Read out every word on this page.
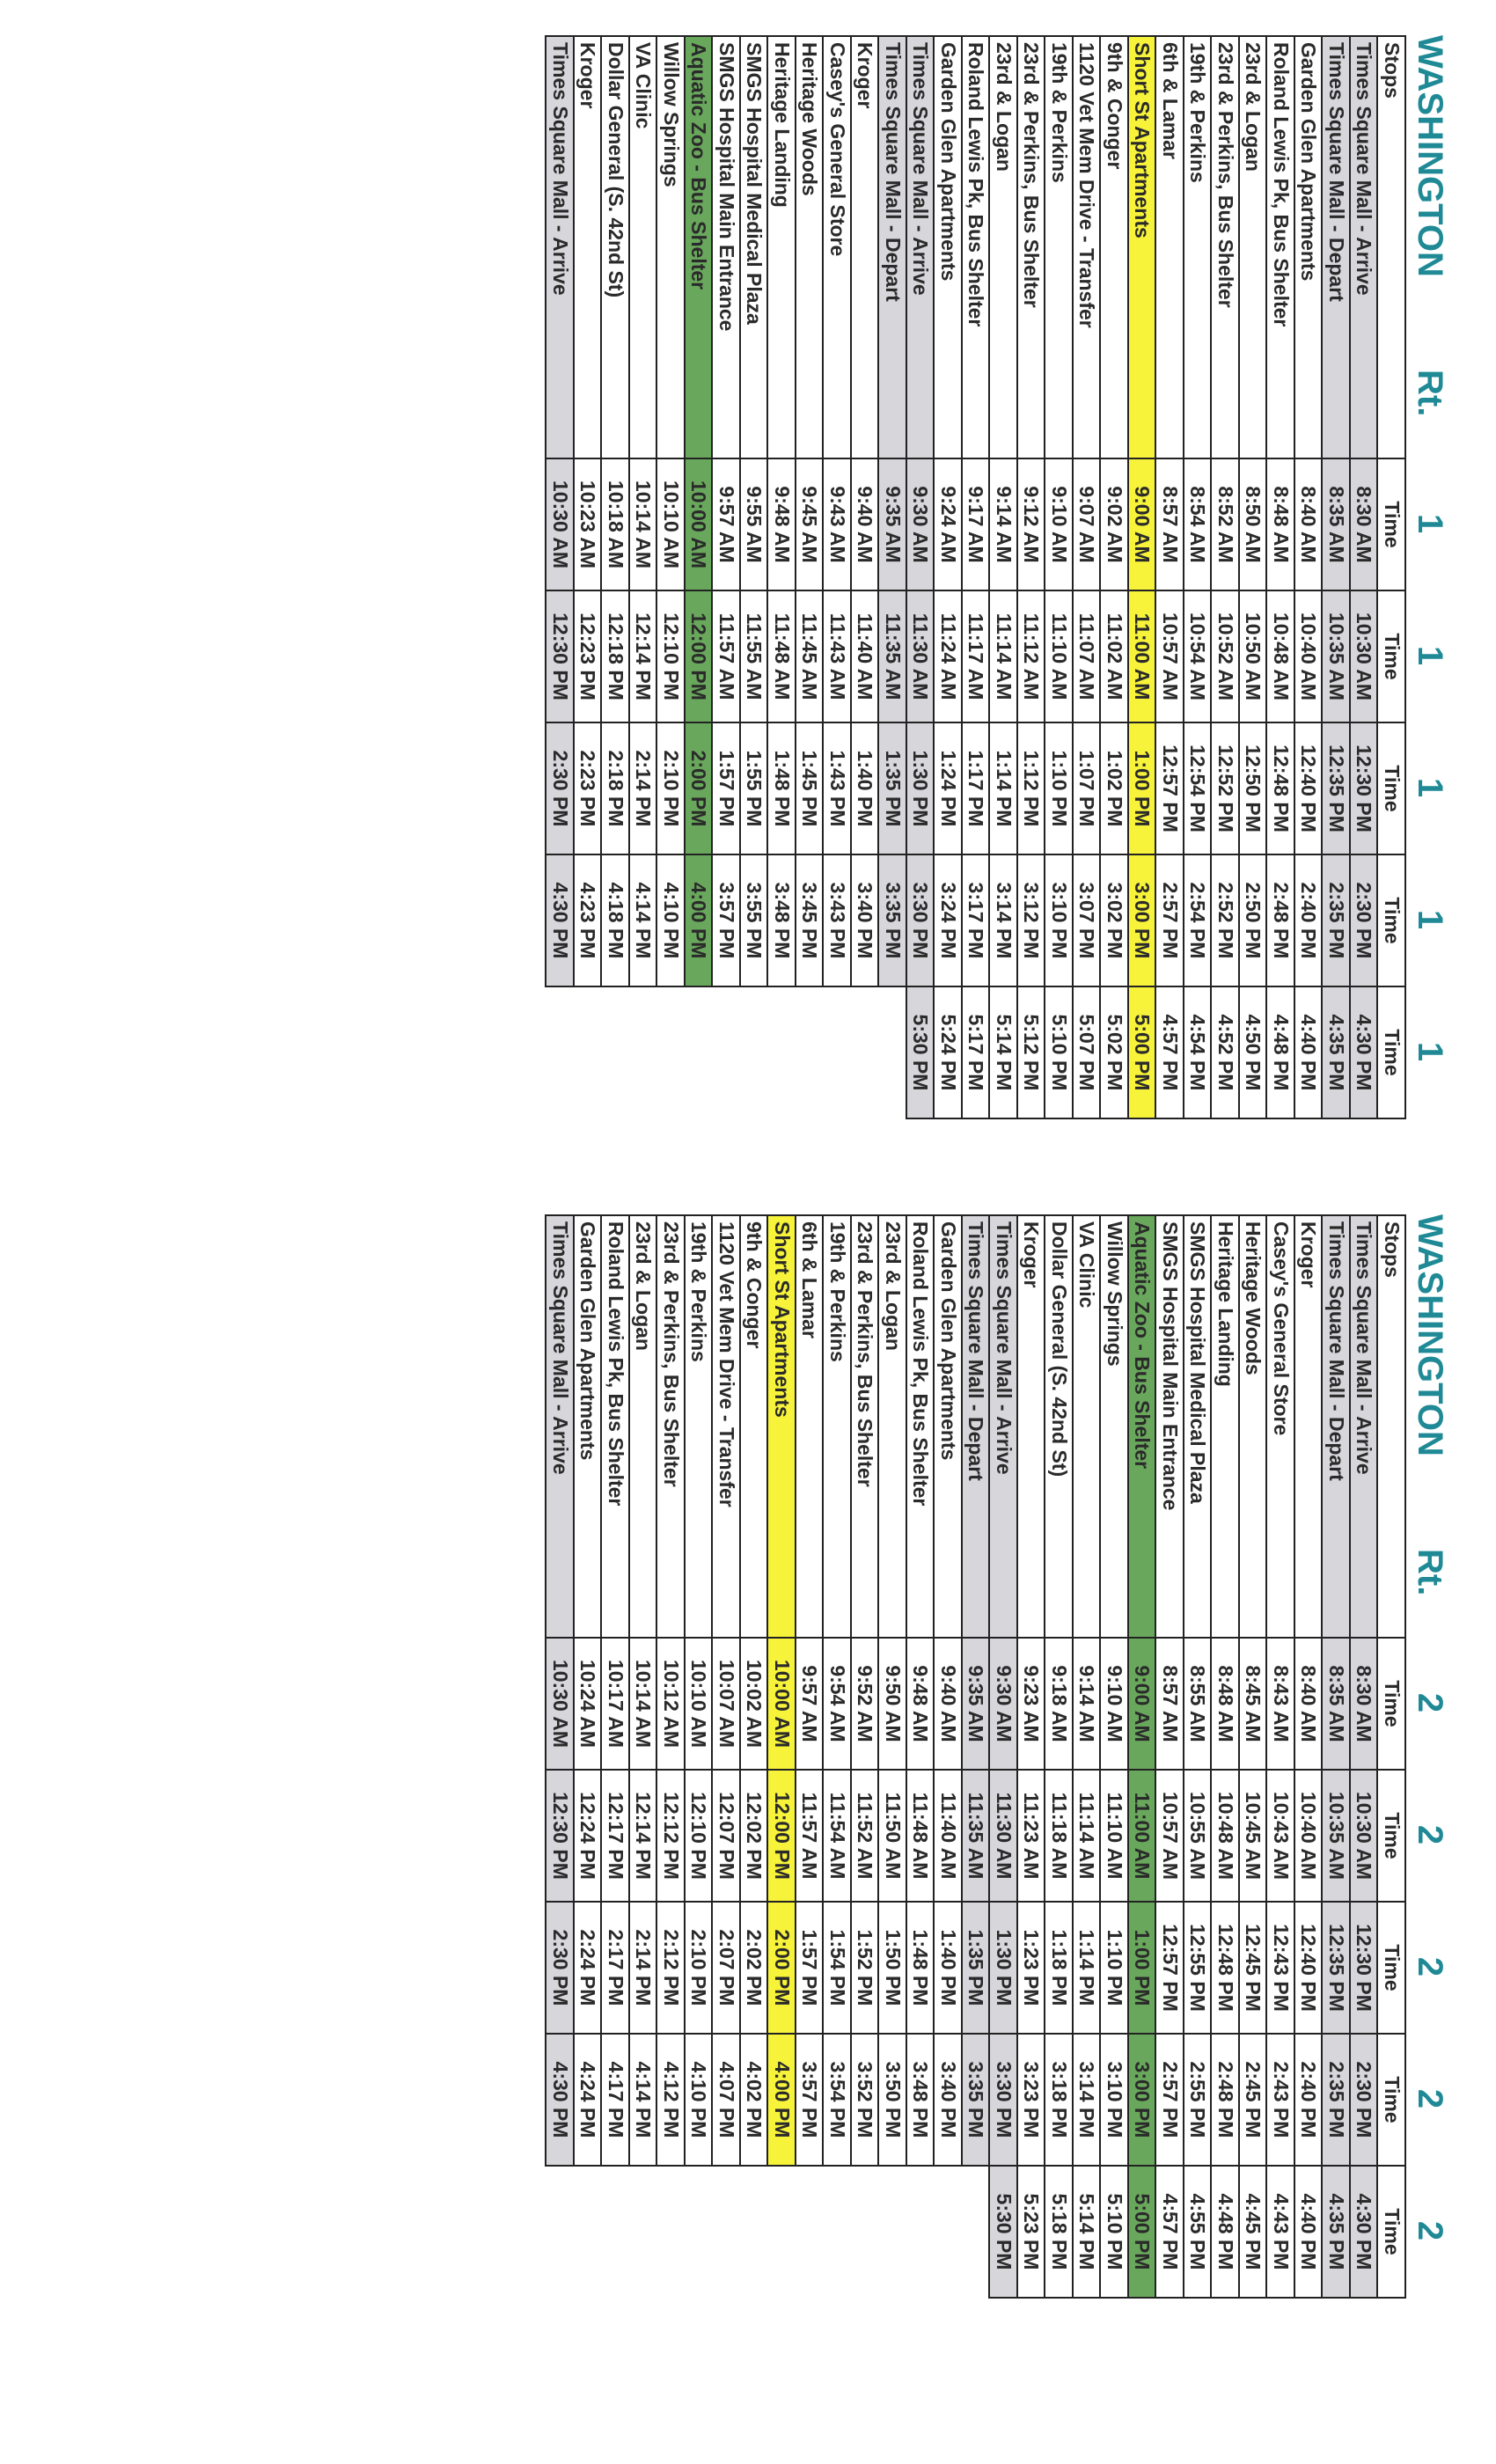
WASHINGTON
Rt.
1
1
1
1
1
Stops	Time	Time	Time	Time	Time
Times Square Mall - Arrive	8:30 AM	10:30 AM	12:30 PM	2:30 PM	4:30 PM
Times Square Mall - Depart	8:35 AM	10:35 AM	12:35 PM	2:35 PM	4:35 PM
Garden Glen Apartments	8:40 AM	10:40 AM	12:40 PM	2:40 PM	4:40 PM
Roland Lewis Pk, Bus Shelter	8:48 AM	10:48 AM	12:48 PM	2:48 PM	4:48 PM
23rd & Logan	8:50 AM	10:50 AM	12:50 PM	2:50 PM	4:50 PM
23rd & Perkins, Bus Shelter	8:52 AM	10:52 AM	12:52 PM	2:52 PM	4:52 PM
19th & Perkins	8:54 AM	10:54 AM	12:54 PM	2:54 PM	4:54 PM
6th & Lamar	8:57 AM	10:57 AM	12:57 PM	2:57 PM	4:57 PM
Short St Apartments	9:00 AM	11:00 AM	1:00 PM	3:00 PM	5:00 PM
9th & Conger	9:02 AM	11:02 AM	1:02 PM	3:02 PM	5:02 PM
1120 Vet Mem Drive - Transfer	9:07 AM	11:07 AM	1:07 PM	3:07 PM	5:07 PM
19th & Perkins	9:10 AM	11:10 AM	1:10 PM	3:10 PM	5:10 PM
23rd & Perkins, Bus Shelter	9:12 AM	11:12 AM	1:12 PM	3:12 PM	5:12 PM
23rd & Logan	9:14 AM	11:14 AM	1:14 PM	3:14 PM	5:14 PM
Roland Lewis Pk, Bus Shelter	9:17 AM	11:17 AM	1:17 PM	3:17 PM	5:17 PM
Garden Glen Apartments	9:24 AM	11:24 AM	1:24 PM	3:24 PM	5:24 PM
Times Square Mall - Arrive	9:30 AM	11:30 AM	1:30 PM	3:30 PM	5:30 PM
Times Square Mall - Depart	9:35 AM	11:35 AM	1:35 PM	3:35 PM	
Kroger	9:40 AM	11:40 AM	1:40 PM	3:40 PM	
Casey's General Store	9:43 AM	11:43 AM	1:43 PM	3:43 PM	
Heritage Woods	9:45 AM	11:45 AM	1:45 PM	3:45 PM	
Heritage Landing	9:48 AM	11:48 AM	1:48 PM	3:48 PM	
SMGS Hospital Medical Plaza	9:55 AM	11:55 AM	1:55 PM	3:55 PM	
SMGS Hospital Main Entrance	9:57 AM	11:57 AM	1:57 PM	3:57 PM	
Aquatic Zoo - Bus Shelter	10:00 AM	12:00 PM	2:00 PM	4:00 PM	
Willow Springs	10:10 AM	12:10 PM	2:10 PM	4:10 PM	
VA Clinic	10:14 AM	12:14 PM	2:14 PM	4:14 PM	
Dollar General (S. 42nd St)	10:18 AM	12:18 PM	2:18 PM	4:18 PM	
Kroger	10:23 AM	12:23 PM	2:23 PM	4:23 PM	
Times Square Mall - Arrive	10:30 AM	12:30 PM	2:30 PM	4:30 PM	
WASHINGTON
Rt.
2
2
2
2
2
Stops	Time	Time	Time	Time	Time
Times Square Mall - Arrive	8:30 AM	10:30 AM	12:30 PM	2:30 PM	4:30 PM
Times Square Mall - Depart	8:35 AM	10:35 AM	12:35 PM	2:35 PM	4:35 PM
Kroger	8:40 AM	10:40 AM	12:40 PM	2:40 PM	4:40 PM
Casey's General Store	8:43 AM	10:43 AM	12:43 PM	2:43 PM	4:43 PM
Heritage Woods	8:45 AM	10:45 AM	12:45 PM	2:45 PM	4:45 PM
Heritage Landing	8:48 AM	10:48 AM	12:48 PM	2:48 PM	4:48 PM
SMGS Hospital Medical Plaza	8:55 AM	10:55 AM	12:55 PM	2:55 PM	4:55 PM
SMGS Hospital Main Entrance	8:57 AM	10:57 AM	12:57 PM	2:57 PM	4:57 PM
Aquatic Zoo - Bus Shelter	9:00 AM	11:00 AM	1:00 PM	3:00 PM	5:00 PM
Willow Springs	9:10 AM	11:10 AM	1:10 PM	3:10 PM	5:10 PM
VA Clinic	9:14 AM	11:14 AM	1:14 PM	3:14 PM	5:14 PM
Dollar General (S. 42nd St)	9:18 AM	11:18 AM	1:18 PM	3:18 PM	5:18 PM
Kroger	9:23 AM	11:23 AM	1:23 PM	3:23 PM	5:23 PM
Times Square Mall - Arrive	9:30 AM	11:30 AM	1:30 PM	3:30 PM	5:30 PM
Times Square Mall - Depart	9:35 AM	11:35 AM	1:35 PM	3:35 PM	
Garden Glen Apartments	9:40 AM	11:40 AM	1:40 PM	3:40 PM	
Roland Lewis Pk, Bus Shelter	9:48 AM	11:48 AM	1:48 PM	3:48 PM	
23rd & Logan	9:50 AM	11:50 AM	1:50 PM	3:50 PM	
23rd & Perkins, Bus Shelter	9:52 AM	11:52 AM	1:52 PM	3:52 PM	
19th & Perkins	9:54 AM	11:54 AM	1:54 PM	3:54 PM	
6th & Lamar	9:57 AM	11:57 AM	1:57 PM	3:57 PM	
Short St Apartments	10:00 AM	12:00 PM	2:00 PM	4:00 PM	
9th & Conger	10:02 AM	12:02 PM	2:02 PM	4:02 PM	
1120 Vet Mem Drive - Transfer	10:07 AM	12:07 PM	2:07 PM	4:07 PM	
19th & Perkins	10:10 AM	12:10 PM	2:10 PM	4:10 PM	
23rd & Perkins, Bus Shelter	10:12 AM	12:12 PM	2:12 PM	4:12 PM	
23rd & Logan	10:14 AM	12:14 PM	2:14 PM	4:14 PM	
Roland Lewis Pk, Bus Shelter	10:17 AM	12:17 PM	2:17 PM	4:17 PM	
Garden Glen Apartments	10:24 AM	12:24 PM	2:24 PM	4:24 PM	
Times Square Mall - Arrive	10:30 AM	12:30 PM	2:30 PM	4:30 PM	
